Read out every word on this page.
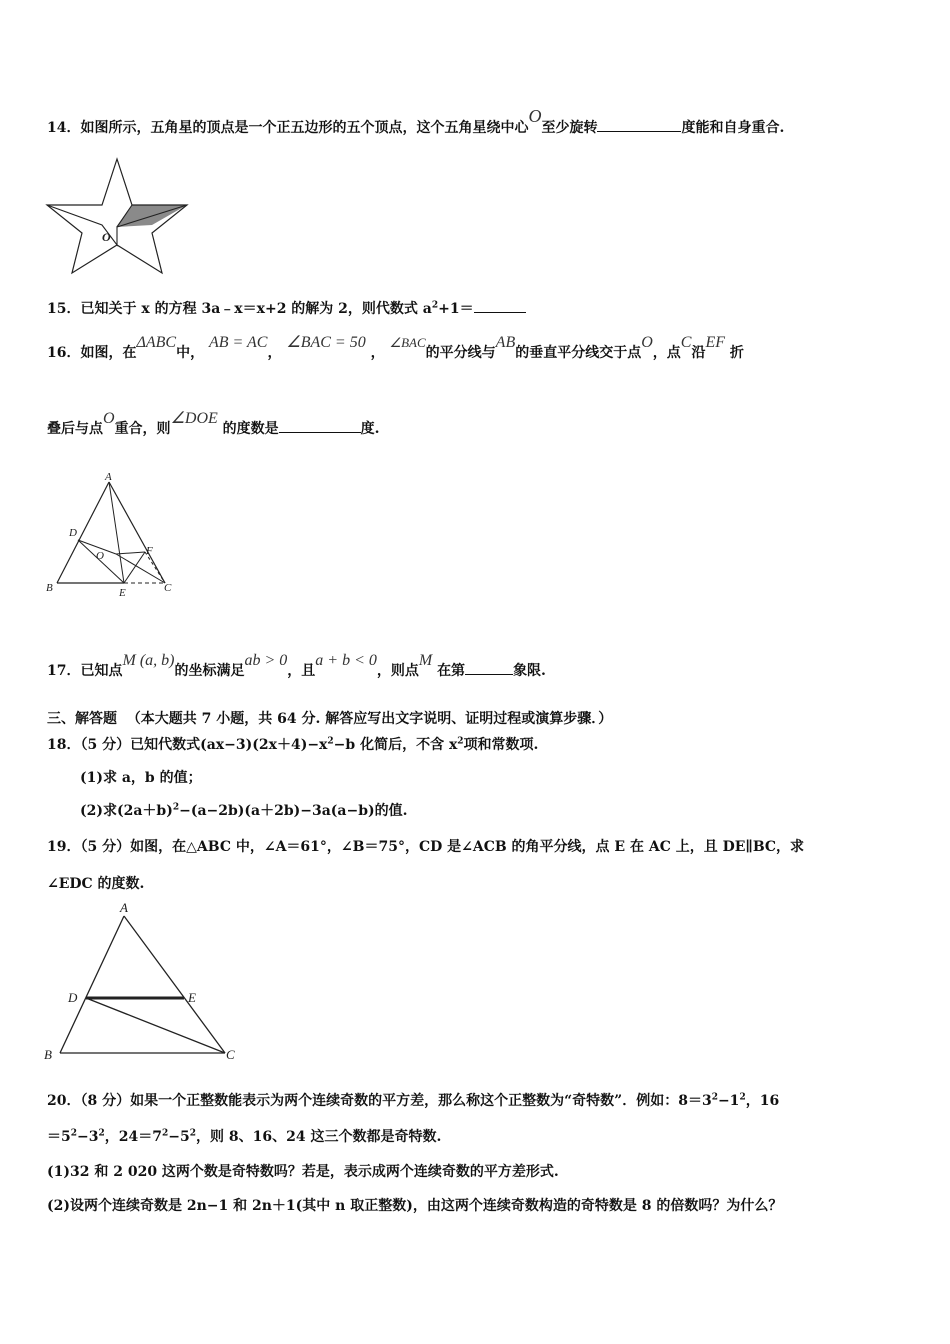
14．如图所示，五角星的顶点是一个正五边形的五个顶点，这个五角星绕中心O至少旋转	度能和自身重合.
O
15．已知关于 x 的方程 3a﹣x＝x+2 的解为 2，则代数式 $a^2+1=$
16．如图，在ΔABC中， AB = AC， ∠BAC = 50 ， ∠BAC的平分线与AB的垂直平分线交于点O，点C沿EF 折
叠后与点O重合，则∠DOE 的度数是	度.
A
D
O	F
B	E	C
17．已知点M (a, b)的坐标满足ab > 0，且a + b < 0，则点M 在第	象限.
三、解答题 （本大题共 7 小题，共 64 分. 解答应写出文字说明、证明过程或演算步骤．）
18．（5 分）已知代数式$(ax-3)(2x+4)-x^2-b$ 化简后，不含 $x^2$项和常数项.
(1)求 a，b 的值；
(2)求$(2a+b)^2-(a-2b)(a+2b)-3a(a-b)$的值.
19．（5 分）如图，在△ABC 中，∠A＝61°，∠B＝75°，CD 是∠ACB 的角平分线，点 E 在 AC 上，且 DE∥BC，求
∠EDC 的度数.
A
D	E
B	C
20．（8 分）如果一个正整数能表示为两个连续奇数的平方差，那么称这个正整数为“奇特数”．例如：$8=3^2-1^2$，16
$=5^2-3^2$，$24=7^2-5^2$，则 8、16、24 这三个数都是奇特数.
(1)32 和 2 020 这两个数是奇特数吗？若是，表示成两个连续奇数的平方差形式.
(2)设两个连续奇数是 2n−1 和 2n＋1(其中 n 取正整数)，由这两个连续奇数构造的奇特数是 8 的倍数吗？为什么？
